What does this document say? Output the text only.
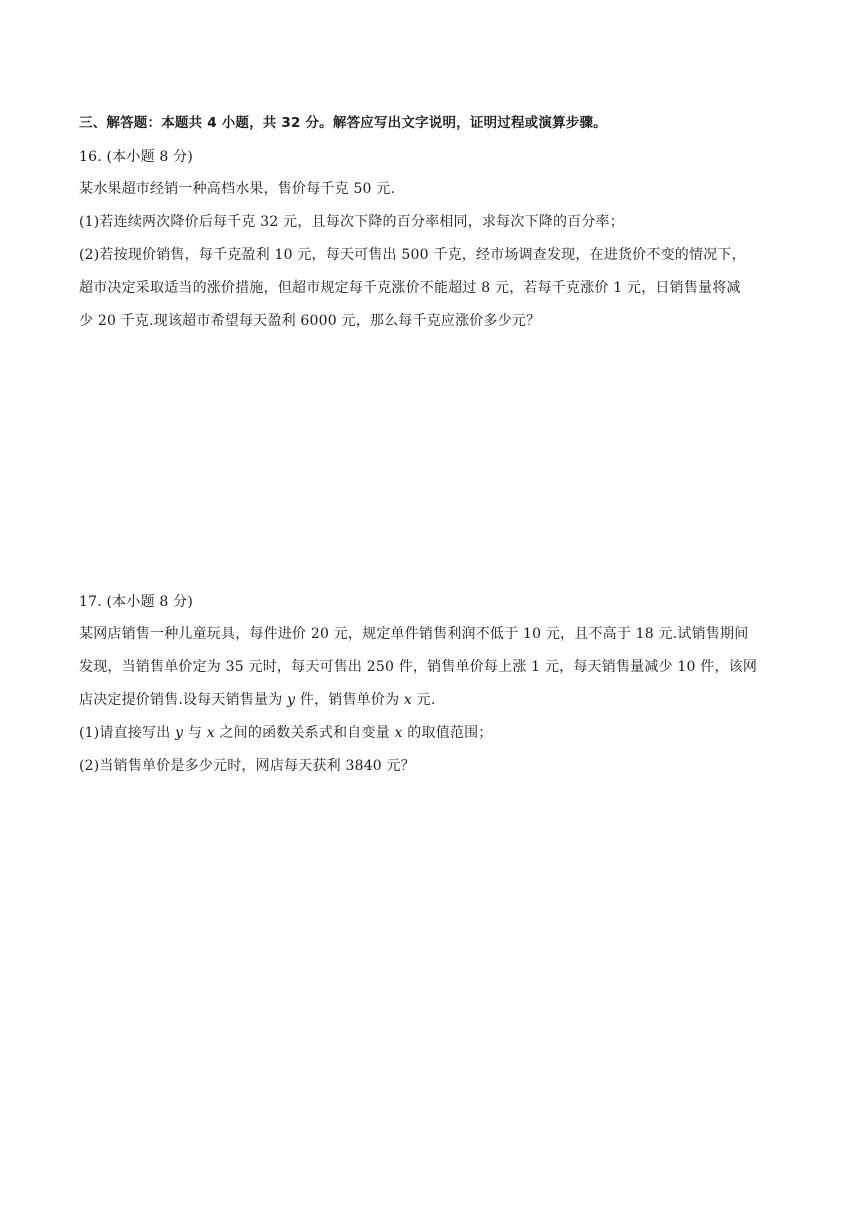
三、解答题：本题共 4 小题，共 32 分。解答应写出文字说明，证明过程或演算步骤。
16. (本小题 8 分)
某水果超市经销一种高档水果，售价每千克 50 元.
(1)若连续两次降价后每千克 32 元，且每次下降的百分率相同，求每次下降的百分率；
(2)若按现价销售，每千克盈利 10 元，每天可售出 500 千克，经市场调查发现，在进货价不变的情况下，
超市决定采取适当的涨价措施，但超市规定每千克涨价不能超过 8 元，若每千克涨价 1 元，日销售量将减
少 20 千克.现该超市希望每天盈利 6000 元，那么每千克应涨价多少元？
17. (本小题 8 分)
某网店销售一种儿童玩具，每件进价 20 元，规定单件销售利润不低于 10 元，且不高于 18 元.试销售期间
发现，当销售单价定为 35 元时，每天可售出 250 件，销售单价每上涨 1 元，每天销售量减少 10 件，该网
店决定提价销售.设每天销售量为 y 件，销售单价为 x 元.
(1)请直接写出 y 与 x 之间的函数关系式和自变量 x 的取值范围；
(2)当销售单价是多少元时，网店每天获利 3840 元？
